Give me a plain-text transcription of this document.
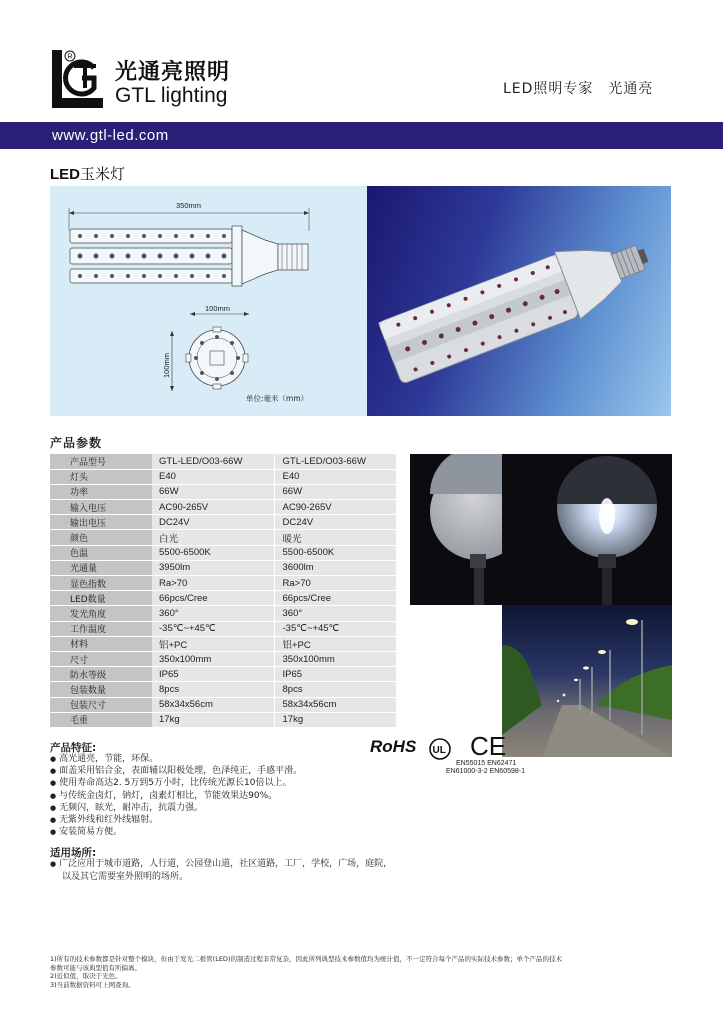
R
光通亮照明
GTL lighting	LED照明专家　光通亮
www.gtl-led.com
LED玉米灯
350mm
100mm
100mm
单位:毫米（mm）
产品参数
产品型号	GTL-LED/O03-66W	GTL-LED/O03-66W
灯头	E40	E40
功率	66W	66W
输入电压	AC90-265V	AC90-265V
输出电压	DC24V	DC24V
颜色	白光	暖光
色温	5500-6500K	5500-6500K
光通量	3950lm	3600lm
显色指数	Ra>70	Ra>70
LED数量	66pcs/Cree	66pcs/Cree
发光角度	360°	360°
工作温度	-35℃~+45℃	-35℃~+45℃
材料	铝+PC	铝+PC
尺寸	350x100mm	350x100mm
防水等级	IP65	IP65
包装数量	8pcs	8pcs
包装尺寸	58x34x56cm	58x34x56cm
毛重	17kg	17kg
RoHS UL CE
EN55015 EN62471
EN61000-3-2 EN60598-1
产品特征:
● 高光通亮，节能，环保。
● 面盖采用铝合金，表面辅以阳极处理，色泽纯正，手感平滑。
● 使用寿命高达2. 5万到5万小时，比传统光源长10倍以上。
● 与传统金卤灯，钠灯，卤素灯相比，节能效果达90%。
● 无频闪，眩光，耐冲击，抗震力强。
● 无紫外线和红外线辐射。
● 安装简易方便。
适用场所:
● 广泛应用于城市道路，人行道，公园登山道，社区道路，工厂，学校，广场，庭院，
以及其它需要室外照明的场所。
1)所有的技术参数都是针对整个模块，但由于发光二极管(LED)的制造过程非常复杂，因此所列典型技术参数值均为统计值，不一定符合每个产品的实际技术参数；单个产品的技术
参数可能与该典型值有所偏离。
2)近似值，取决于光色。
3)当前数据资料可上网查询。
